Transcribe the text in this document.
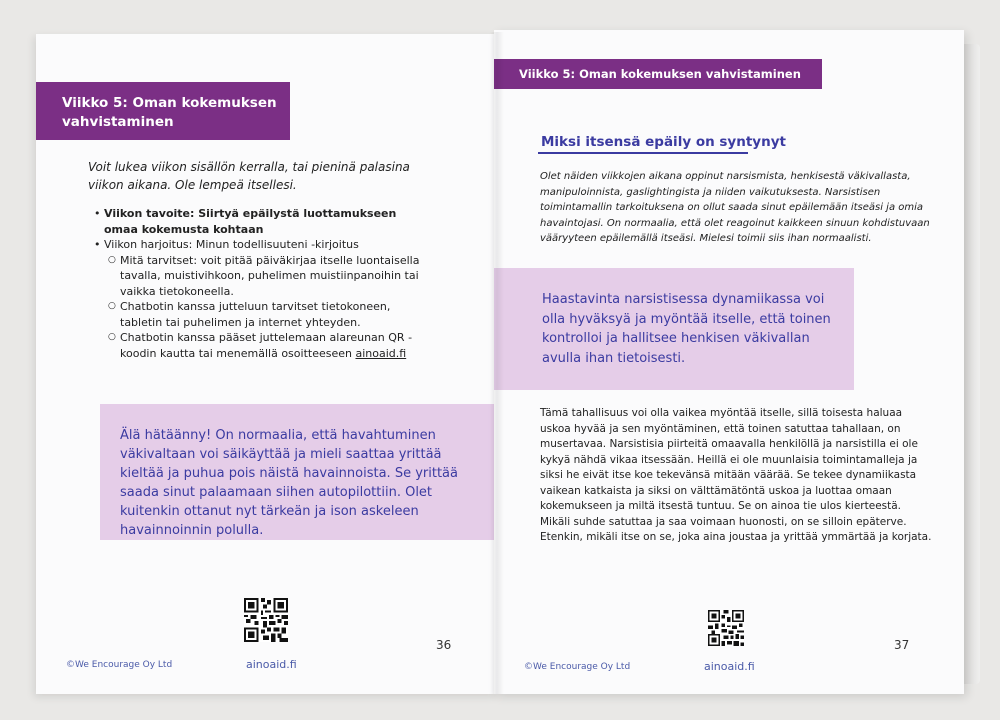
Viikko 5: Oman kokemuksen vahvistaminen
Voit lukea viikon sisällön kerralla, tai pieninä palasina viikon aikana. Ole lempeä itsellesi.
• Viikon tavoite: Siirtyä epäilystä luottamukseen omaa kokemusta kohtaan
• Viikon harjoitus: Minun todellisuuteni -kirjoitus
○ Mitä tarvitset: voit pitää päiväkirjaa itselle luontaisella tavalla, muistivihkoon, puhelimen muistiinpanoihin tai vaikka tietokoneella.
○ Chatbotin kanssa jutteluun tarvitset tietokoneen, tabletin tai puhelimen ja internet yhteyden.
○ Chatbotin kanssa pääset juttelemaan alareunan QR -koodin kautta tai menemällä osoitteeseen ainoaid.fi
Älä hätäänny! On normaalia, että havahtuminen väkivaltaan voi säikäyttää ja mieli saattaa yrittää kieltää ja puhua pois näistä havainnoista. Se yrittää saada sinut palaamaan siihen autopilottiin. Olet kuitenkin ottanut nyt tärkeän ja ison askeleen havainnoinnin polulla.
36
©We Encourage Oy Ltd	ainoaid.fi
Viikko 5: Oman kokemuksen vahvistaminen
Miksi itsensä epäily on syntynyt
Olet näiden viikkojen aikana oppinut narsismista, henkisestä väkivallasta, manipuloinnista, gaslightingista ja niiden vaikutuksesta. Narsistisen toimintamallin tarkoituksena on ollut saada sinut epäilemään itseäsi ja omia havaintojasi. On normaalia, että olet reagoinut kaikkeen sinuun kohdistuvaan vääryyteen epäilemällä itseäsi. Mielesi toimii siis ihan normaalisti.
Haastavinta narsistisessa dynamiikassa voi olla hyväksyä ja myöntää itselle, että toinen kontrolloi ja hallitsee henkisen väkivallan avulla ihan tietoisesti.
Tämä tahallisuus voi olla vaikea myöntää itselle, sillä toisesta haluaa uskoa hyvää ja sen myöntäminen, että toinen satuttaa tahallaan, on musertavaa. Narsistisia piirteitä omaavalla henkilöllä ja narsistilla ei ole kykyä nähdä vikaa itsessään. Heillä ei ole muunlaisia toimintamalleja ja siksi he eivät itse koe tekevänsä mitään väärää. Se tekee dynamiikasta vaikean katkaista ja siksi on välttämätöntä uskoa ja luottaa omaan kokemukseen ja miltä itsestä tuntuu. Se on ainoa tie ulos kierteestä. Mikäli suhde satuttaa ja saa voimaan huonosti, on se silloin epäterve. Etenkin, mikäli itse on se, joka aina joustaa ja yrittää ymmärtää ja korjata.
37
©We Encourage Oy Ltd	ainoaid.fi
